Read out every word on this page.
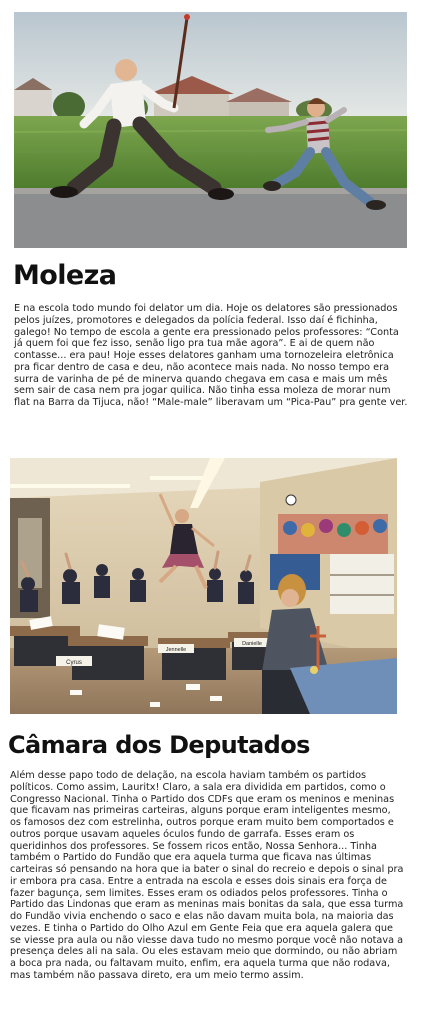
Moleza

E na escola todo mundo foi delator um dia. Hoje os delatores são pressionados pelos juízes, promotores e delegados da polícia federal. Isso daí é fichinha, galego! No tempo de escola a gente era pressionado pelos professores: “Conta já quem foi que fez isso, senão ligo pra tua mãe agora”. E ai de quem não contasse... era pau! Hoje esses delatores ganham uma tornozeleira eletrônica pra ficar dentro de casa e deu, não acontece mais nada. No nosso tempo era surra de varinha de pé de minerva quando chegava em casa e mais um mês sem sair de casa nem pra jogar quilica. Não tinha essa moleza de morar num flat na Barra da Tijuca, não! “Male-male” liberavam um “Pica-Pau” pra gente ver.

Cyrus
Jennelle
Danielle
Câmara dos Deputados

Além desse papo todo de delação, na escola haviam também os partidos políticos. Como assim, Lauritx! Claro, a sala era dividida em partidos, como o Congresso Nacional. Tinha o Partido dos CDFs que eram os meninos e meninas que ficavam nas primeiras carteiras, alguns porque eram inteligentes mesmo, os famosos dez com estrelinha, outros porque eram muito bem comportados e outros porque usavam aqueles óculos fundo de garrafa. Esses eram os queridinhos dos professores. Se fossem ricos então, Nossa Senhora... Tinha também o Partido do Fundão que era aquela turma que ficava nas últimas carteiras só pensando na hora que ia bater o sinal do recreio e depois o sinal pra ir embora pra casa. Entre a entrada na escola e esses dois sinais era força de fazer bagunça, sem limites. Esses eram os odiados pelos professores. Tinha o Partido das Lindonas que eram as meninas mais bonitas da sala, que essa turma do Fundão vivia enchendo o saco e elas não davam muita bola, na maioria das vezes. E tinha o Partido do Olho Azul em Gente Feia que era aquela galera que se viesse pra aula ou não viesse dava tudo no mesmo porque você não notava a presença deles ali na sala. Ou eles estavam meio que dormindo, ou não abriam a boca pra nada, ou faltavam muito, enfim, era aquela turma que não rodava, mas também não passava direto, era um meio termo assim.
